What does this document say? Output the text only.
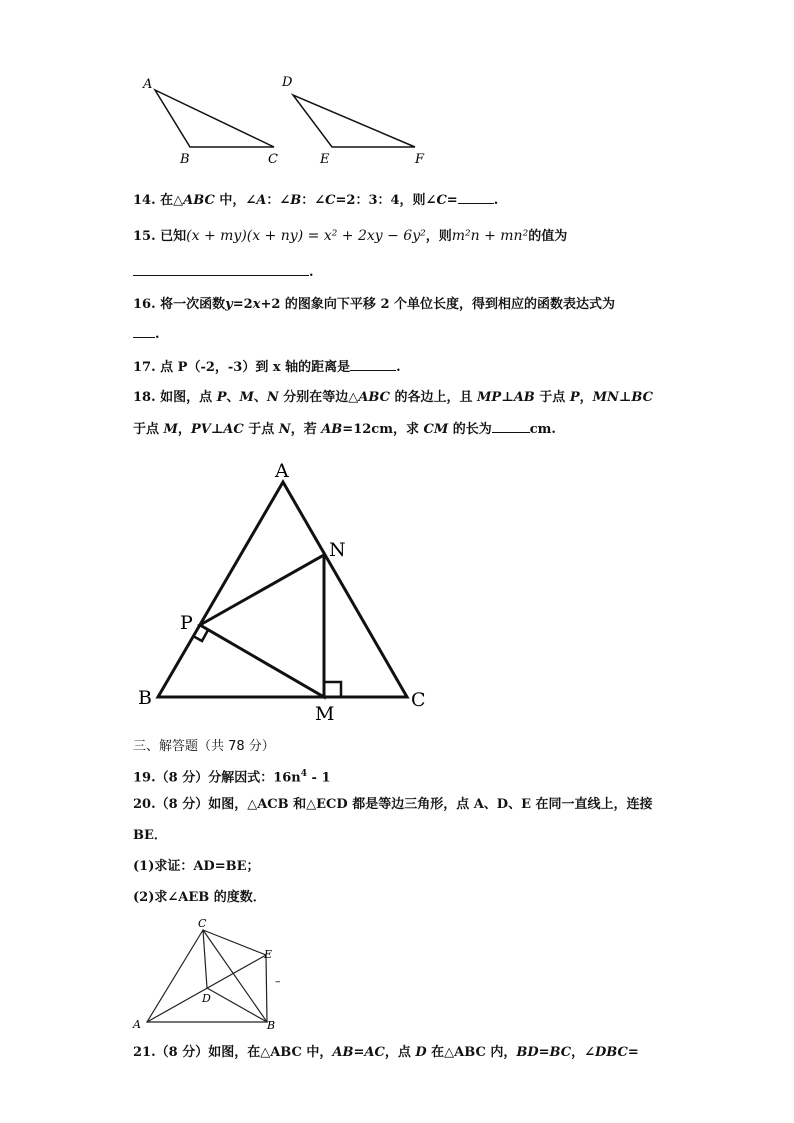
A
B	C
D
E	F
14. 在△ABC 中，∠A：∠B：∠C=2：3：4，则∠C=	.
15. 已知(x + my)(x + ny) = x² + 2xy − 6y²，则m²n + mn²的值为
.
16. 将一次函数y=2x+2 的图象向下平移 2 个单位长度，得到相应的函数表达式为
.
17. 点 P（-2，-3）到 x 轴的距离是	.
18. 如图，点 P、M、N 分别在等边△ABC 的各边上，且 MP⊥AB 于点 P，MN⊥BC
于点 M，PV⊥AC 于点 N，若 AB=12cm，求 CM 的长为	cm.
A
N
P
B
M
C
三、解答题（共 78 分）
19.（8 分）分解因式：$16n^4 - 1$
20.（8 分）如图，△ACB 和△ECD 都是等边三角形，点 A、D、E 在同一直线上，连接
BE．
(1)求证：AD=BE；
(2)求∠AEB 的度数．
C
E
D
A	B
–
21.（8 分）如图，在△ABC 中，AB=AC，点 D 在△ABC 内，BD=BC，∠DBC=
